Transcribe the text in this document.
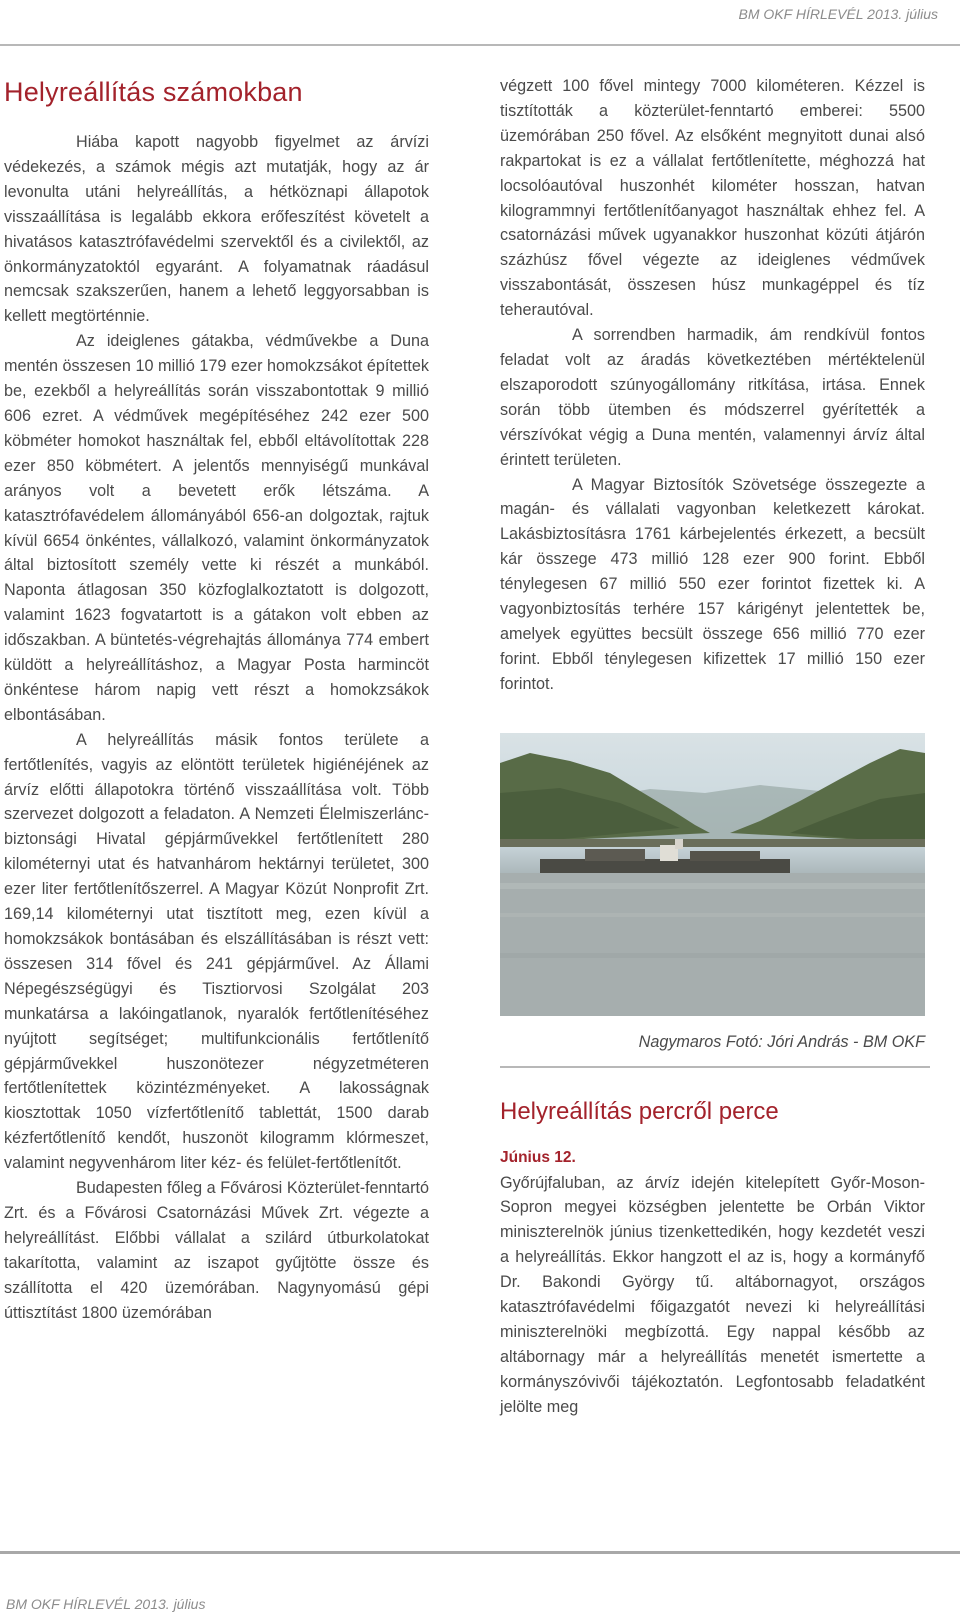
BM OKF HÍRLEVÉL 2013. július
Helyreállítás számokban

Hiába kapott nagyobb figyelmet az árvízi védekezés, a számok mégis azt mutatják, hogy az ár levonulta utáni helyreállítás, a hétköznapi állapotok visszaállítása is legalább ekkora erőfeszítést követelt a hivatásos katasztrófavédelmi szervektől és a civilektől, az önkormányzatoktól egyaránt. A folyamatnak ráadásul nemcsak szakszerűen, hanem a lehető leggyorsabban is kellett megtörténnie.

Az ideiglenes gátakba, védművekbe a Duna mentén összesen 10 millió 179 ezer homokzsákot építettek be, ezekből a helyreállítás során visszabontottak 9 millió 606 ezret. A védművek megépítéséhez 242 ezer 500 köbméter homokot használtak fel, ebből eltávolítottak 228 ezer 850 köbmétert. A jelentős mennyiségű munkával arányos volt a bevetett erők létszáma. A katasztrófavédelem állományából 656-an dolgoztak, rajtuk kívül 6654 önkéntes, vállalkozó, valamint önkormányzatok által biztosított személy vette ki részét a munkából. Naponta átlagosan 350 közfoglalkoztatott is dolgozott, valamint 1623 fogvatartott is a gátakon volt ebben az időszakban. A büntetés-végrehajtás állománya 774 embert küldött a helyreállításhoz, a Magyar Posta harmincöt önkéntese három napig vett részt a homokzsákok elbontásában.

A helyreállítás másik fontos területe a fertőtlenítés, vagyis az elöntött területek higiénéjének az árvíz előtti állapotokra történő visszaállítása volt. Több szervezet dolgozott a feladaton. A Nemzeti Élelmiszerlánc-biztonsági Hivatal gépjárművekkel fertőtlenített 280 kilométernyi utat és hatvanhárom hektárnyi területet, 300 ezer liter fertőtlenítőszerrel. A Magyar Közút Nonprofit Zrt. 169,14 kilométernyi utat tisztított meg, ezen kívül a homokzsákok bontásában és elszállításában is részt vett: összesen 314 fővel és 241 gépjárművel. Az Állami Népegészségügyi és Tisztiorvosi Szolgálat 203 munkatársa a lakóingatlanok, nyaralók fertőtlenítéséhez nyújtott segítséget; multifunkcionális fertőtlenítő gépjárművekkel huszonötezer négyzetméteren fertőtlenítettek közintézményeket. A lakosságnak kiosztottak 1050 vízfertőtlenítő tablettát, 1500 darab kézfertőtlenítő kendőt, huszonöt kilogramm klórmeszet, valamint negyvenhárom liter kéz- és felület-fertőtlenítőt.

Budapesten főleg a Fővárosi Közterület-fenntartó Zrt. és a Fővárosi Csatornázási Művek Zrt. végezte a helyreállítást. Előbbi vállalat a szilárd útburkolatokat takarította, valamint az iszapot gyűjtötte össze és szállította el 420 üzemórában. Nagynyomású gépi úttisztítást 1800 üzemórában

végzett 100 fővel mintegy 7000 kilométeren. Kézzel is tisztították a közterület-fenntartó emberei: 5500 üzemórában 250 fővel. Az elsőként megnyitott dunai alsó rakpartokat is ez a vállalat fertőtlenítette, méghozzá hat locsolóautóval huszonhét kilométer hosszan, hatvan kilogrammnyi fertőtlenítőanyagot használtak ehhez fel. A csatornázási művek ugyanakkor huszonhat közúti átjárón százhúsz fővel végezte az ideiglenes védművek visszabontását, összesen húsz munkagéppel és tíz teherautóval.

A sorrendben harmadik, ám rendkívül fontos feladat volt az áradás következtében mértéktelenül elszaporodott szúnyogállomány ritkítása, irtása. Ennek során több ütemben és módszerrel gyérítették a vérszívókat végig a Duna mentén, valamennyi árvíz által érintett területen.

A Magyar Biztosítók Szövetsége összegezte a magán- és vállalati vagyonban keletkezett károkat. Lakásbiztosításra 1761 kárbejelentés érkezett, a becsült kár összege 473 millió 128 ezer 900 forint. Ebből ténylegesen 67 millió 550 ezer forintot fizettek ki. A vagyonbiztosítás terhére 157 kárigényt jelentettek be, amelyek együttes becsült összege 656 millió 770 ezer forint. Ebből ténylegesen kifizettek 17 millió 150 ezer forintot.

Nagymaros Fotó: Jóri András - BM OKF
Helyreállítás percről perce
Június 12.

Győrújfaluban, az árvíz idején kitelepített Győr-Moson-Sopron megyei községben jelentette be Orbán Viktor miniszterelnök június tizenkettedikén, hogy kezdetét veszi a helyreállítás. Ekkor hangzott el az is, hogy a kormányfő Dr. Bakondi György tű. altábornagyot, országos katasztrófavédelmi főigazgatót nevezi ki helyreállítási miniszterelnöki megbízottá. Egy nappal később az altábornagy már a helyreállítás menetét ismertette a kormányszóvivői tájékoztatón. Legfontosabb feladatként jelölte meg

BM OKF HÍRLEVÉL 2013. július
